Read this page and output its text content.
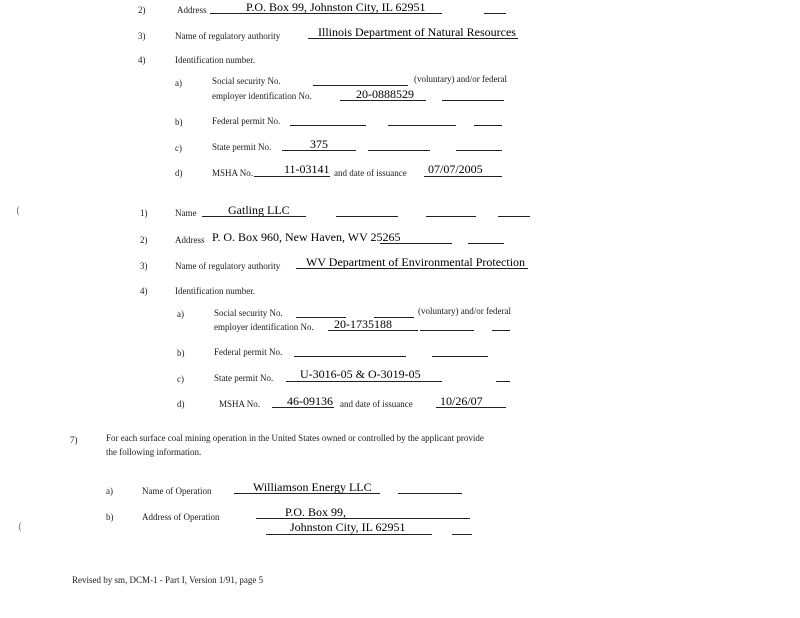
2)	Address	P.O. Box 99, Johnston City, IL 62951
3)	Name of regulatory authority	Illinois Department of Natural Resources
4)	Identification number.
a)	Social security No.	(voluntary) and/or federal
employer identification No.	20-0888529
b)	Federal permit No.
c)	State permit No.	375
d)	MSHA No.	11-03141 and date of issuance 07/07/2005
(	1)	Name	Gatling LLC
2)	Address P. O. Box 960, New Haven, WV 25265
3)	Name of regulatory authority WV Department of Environmental Protection
4)	Identification number.
a)	Social security No.	(voluntary) and/or federal
employer identification No. 20-1735188
b)	Federal permit No.
c)	State permit No. U-3016-05 & O-3019-05
d)	MSHA No. 46-09136 and date of issuance 10/26/07
7)	For each surface coal mining operation in the United States owned or controlled by the applicant provide
the following information.
a)	Name of Operation	Williamson Energy LLC
b)	Address of Operation	P.O. Box 99,
Johnston City, IL 62951
(
Revised by sm, DCM-1 - Part I, Version 1/91, page 5
